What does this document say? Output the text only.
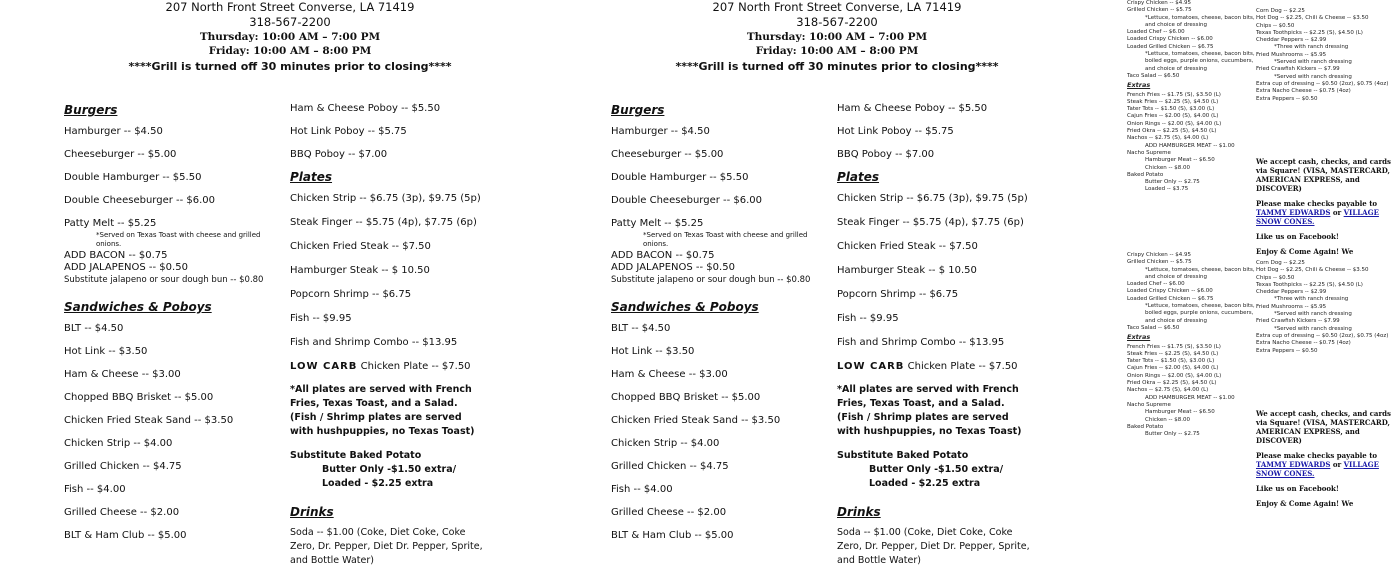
207 North Front Street Converse, LA 71419
318-567-2200
Thursday: 10:00 AM – 7:00 PM
Friday: 10:00 AM – 8:00 PM
****Grill is turned off 30 minutes prior to closing****
Burgers
Hamburger -- $4.50
Cheeseburger -- $5.00
Double Hamburger -- $5.50
Double Cheeseburger -- $6.00
Patty Melt -- $5.25
*Served on Texas Toast with cheese and grilled onions.
ADD BACON -- $0.75
ADD JALAPENOS -- $0.50
Substitute jalapeno or sour dough bun -- $0.80
Sandwiches & Poboys
BLT -- $4.50
Hot Link -- $3.50
Ham & Cheese -- $3.00
Chopped BBQ Brisket -- $5.00
Chicken Fried Steak Sand -- $3.50
Chicken Strip -- $4.00
Grilled Chicken -- $4.75
Fish -- $4.00
Grilled Cheese -- $2.00
BLT & Ham Club -- $5.00
Ham & Cheese Poboy -- $5.50
Hot Link Poboy -- $5.75
BBQ Poboy -- $7.00
Plates
Chicken Strip -- $6.75 (3p), $9.75 (5p)
Steak Finger -- $5.75 (4p), $7.75 (6p)
Chicken Fried Steak -- $7.50
Hamburger Steak -- $ 10.50
Popcorn Shrimp -- $6.75
Fish -- $9.95
Fish and Shrimp Combo -- $13.95
LOW CARB Chicken Plate -- $7.50
*All plates are served with French Fries, Texas Toast, and a Salad. (Fish / Shrimp plates are served with hushpuppies, no Texas Toast)
Substitute Baked Potato
Butter Only -$1.50 extra/ Loaded - $2.25 extra
Drinks
Soda -- $1.00 (Coke, Diet Coke, Coke Zero, Dr. Pepper, Diet Dr. Pepper, Sprite, and Bottle Water)
207 North Front Street Converse, LA 71419
318-567-2200
Thursday: 10:00 AM – 7:00 PM
Friday: 10:00 AM – 8:00 PM
****Grill is turned off 30 minutes prior to closing****
Burgers
Hamburger -- $4.50
Cheeseburger -- $5.00
Double Hamburger -- $5.50
Double Cheeseburger -- $6.00
Patty Melt -- $5.25
*Served on Texas Toast with cheese and grilled onions.
ADD BACON -- $0.75
ADD JALAPENOS -- $0.50
Substitute jalapeno or sour dough bun -- $0.80
Sandwiches & Poboys
BLT -- $4.50
Hot Link -- $3.50
Ham & Cheese -- $3.00
Chopped BBQ Brisket -- $5.00
Chicken Fried Steak Sand -- $3.50
Chicken Strip -- $4.00
Grilled Chicken -- $4.75
Fish -- $4.00
Grilled Cheese -- $2.00
BLT & Ham Club -- $5.00
Ham & Cheese Poboy -- $5.50
Hot Link Poboy -- $5.75
BBQ Poboy -- $7.00
Plates
Chicken Strip -- $6.75 (3p), $9.75 (5p)
Steak Finger -- $5.75 (4p), $7.75 (6p)
Chicken Fried Steak -- $7.50
Hamburger Steak -- $ 10.50
Popcorn Shrimp -- $6.75
Fish -- $9.95
Fish and Shrimp Combo -- $13.95
LOW CARB Chicken Plate -- $7.50
*All plates are served with French Fries, Texas Toast, and a Salad. (Fish / Shrimp plates are served with hushpuppies, no Texas Toast)
Substitute Baked Potato
Butter Only -$1.50 extra/ Loaded - $2.25 extra
Drinks
Soda -- $1.00 (Coke, Diet Coke, Coke Zero, Dr. Pepper, Diet Dr. Pepper, Sprite, and Bottle Water)
Crispy Chicken -- $4.95
Grilled Chicken -- $5.75
*Lettuce, tomatoes, cheese, bacon bits, and choice of dressing
Loaded Chef -- $6.00
Loaded Crispy Chicken -- $6.00
Loaded Grilled Chicken -- $6.75
*Lettuce, tomatoes, cheese, bacon bits, boiled eggs, purple onions, cucumbers, and choice of dressing
Taco Salad -- $6.50
Extras
French Fries -- $1.75 (S), $3.50 (L)
Steak Fries -- $2.25 (S), $4.50 (L)
Tater Tots -- $1.50 (S), $3.00 (L)
Cajun Fries -- $2.00 (S), $4.00 (L)
Onion Rings -- $2.00 (S), $4.00 (L)
Fried Okra -- $2.25 (S), $4.50 (L)
Nachos -- $2.75 (S), $4.00 (L)
ADD HAMBURGER MEAT -- $1.00
Nacho Supreme
Hamburger Meat -- $6.50
Chicken -- $8.00
Baked Potato
Butter Only -- $2.75
Loaded -- $3.75
Crispy Chicken -- $4.95
Grilled Chicken -- $5.75
*Lettuce, tomatoes, cheese, bacon bits, and choice of dressing
Loaded Chef -- $6.00
Loaded Crispy Chicken -- $6.00
Loaded Grilled Chicken -- $6.75
*Lettuce, tomatoes, cheese, bacon bits, boiled eggs, purple onions, cucumbers, and choice of dressing
Taco Salad -- $6.50
Extras
French Fries -- $1.75 (S), $3.50 (L)
Steak Fries -- $2.25 (S), $4.50 (L)
Tater Tots -- $1.50 (S), $3.00 (L)
Cajun Fries -- $2.00 (S), $4.00 (L)
Onion Rings -- $2.00 (S), $4.00 (L)
Fried Okra -- $2.25 (S), $4.50 (L)
Nachos -- $2.75 (S), $4.00 (L)
ADD HAMBURGER MEAT -- $1.00
Nacho Supreme
Hamburger Meat -- $6.50
Chicken -- $8.00
Baked Potato
Butter Only -- $2.75
Corn Dog -- $2.25
Hot Dog -- $2.25, Chili & Cheese -- $3.50
Chips -- $0.50
Texas Toothpicks -- $2.25 (S), $4.50 (L)
Cheddar Peppers -- $2.99
*Three with ranch dressing
Fried Mushrooms -- $5.95
*Served with ranch dressing
Fried Crawfish Kickers -- $7.99
*Served with ranch dressing
Extra cup of dressing -- $0.50 (2oz), $0.75 (4oz)
Extra Nacho Cheese -- $0.75 (4oz)
Extra Peppers -- $0.50

We accept cash, checks, and cards via Square! (VISA, MASTERCARD, AMERICAN EXPRESS, and DISCOVER)

Please make checks payable to TAMMY EDWARDS or VILLAGE SNOW CONES.

Like us on Facebook!

Enjoy & Come Again! We

Corn Dog -- $2.25
Hot Dog -- $2.25, Chili & Cheese -- $3.50
Chips -- $0.50
Texas Toothpicks -- $2.25 (S), $4.50 (L)
Cheddar Peppers -- $2.99
*Three with ranch dressing
Fried Mushrooms -- $5.95
*Served with ranch dressing
Fried Crawfish Kickers -- $7.99
*Served with ranch dressing
Extra cup of dressing -- $0.50 (2oz), $0.75 (4oz)
Extra Nacho Cheese -- $0.75 (4oz)
Extra Peppers -- $0.50

We accept cash, checks, and cards via Square! (VISA, MASTERCARD, AMERICAN EXPRESS, and DISCOVER)

Please make checks payable to TAMMY EDWARDS or VILLAGE SNOW CONES.

Like us on Facebook!

Enjoy & Come Again! We
